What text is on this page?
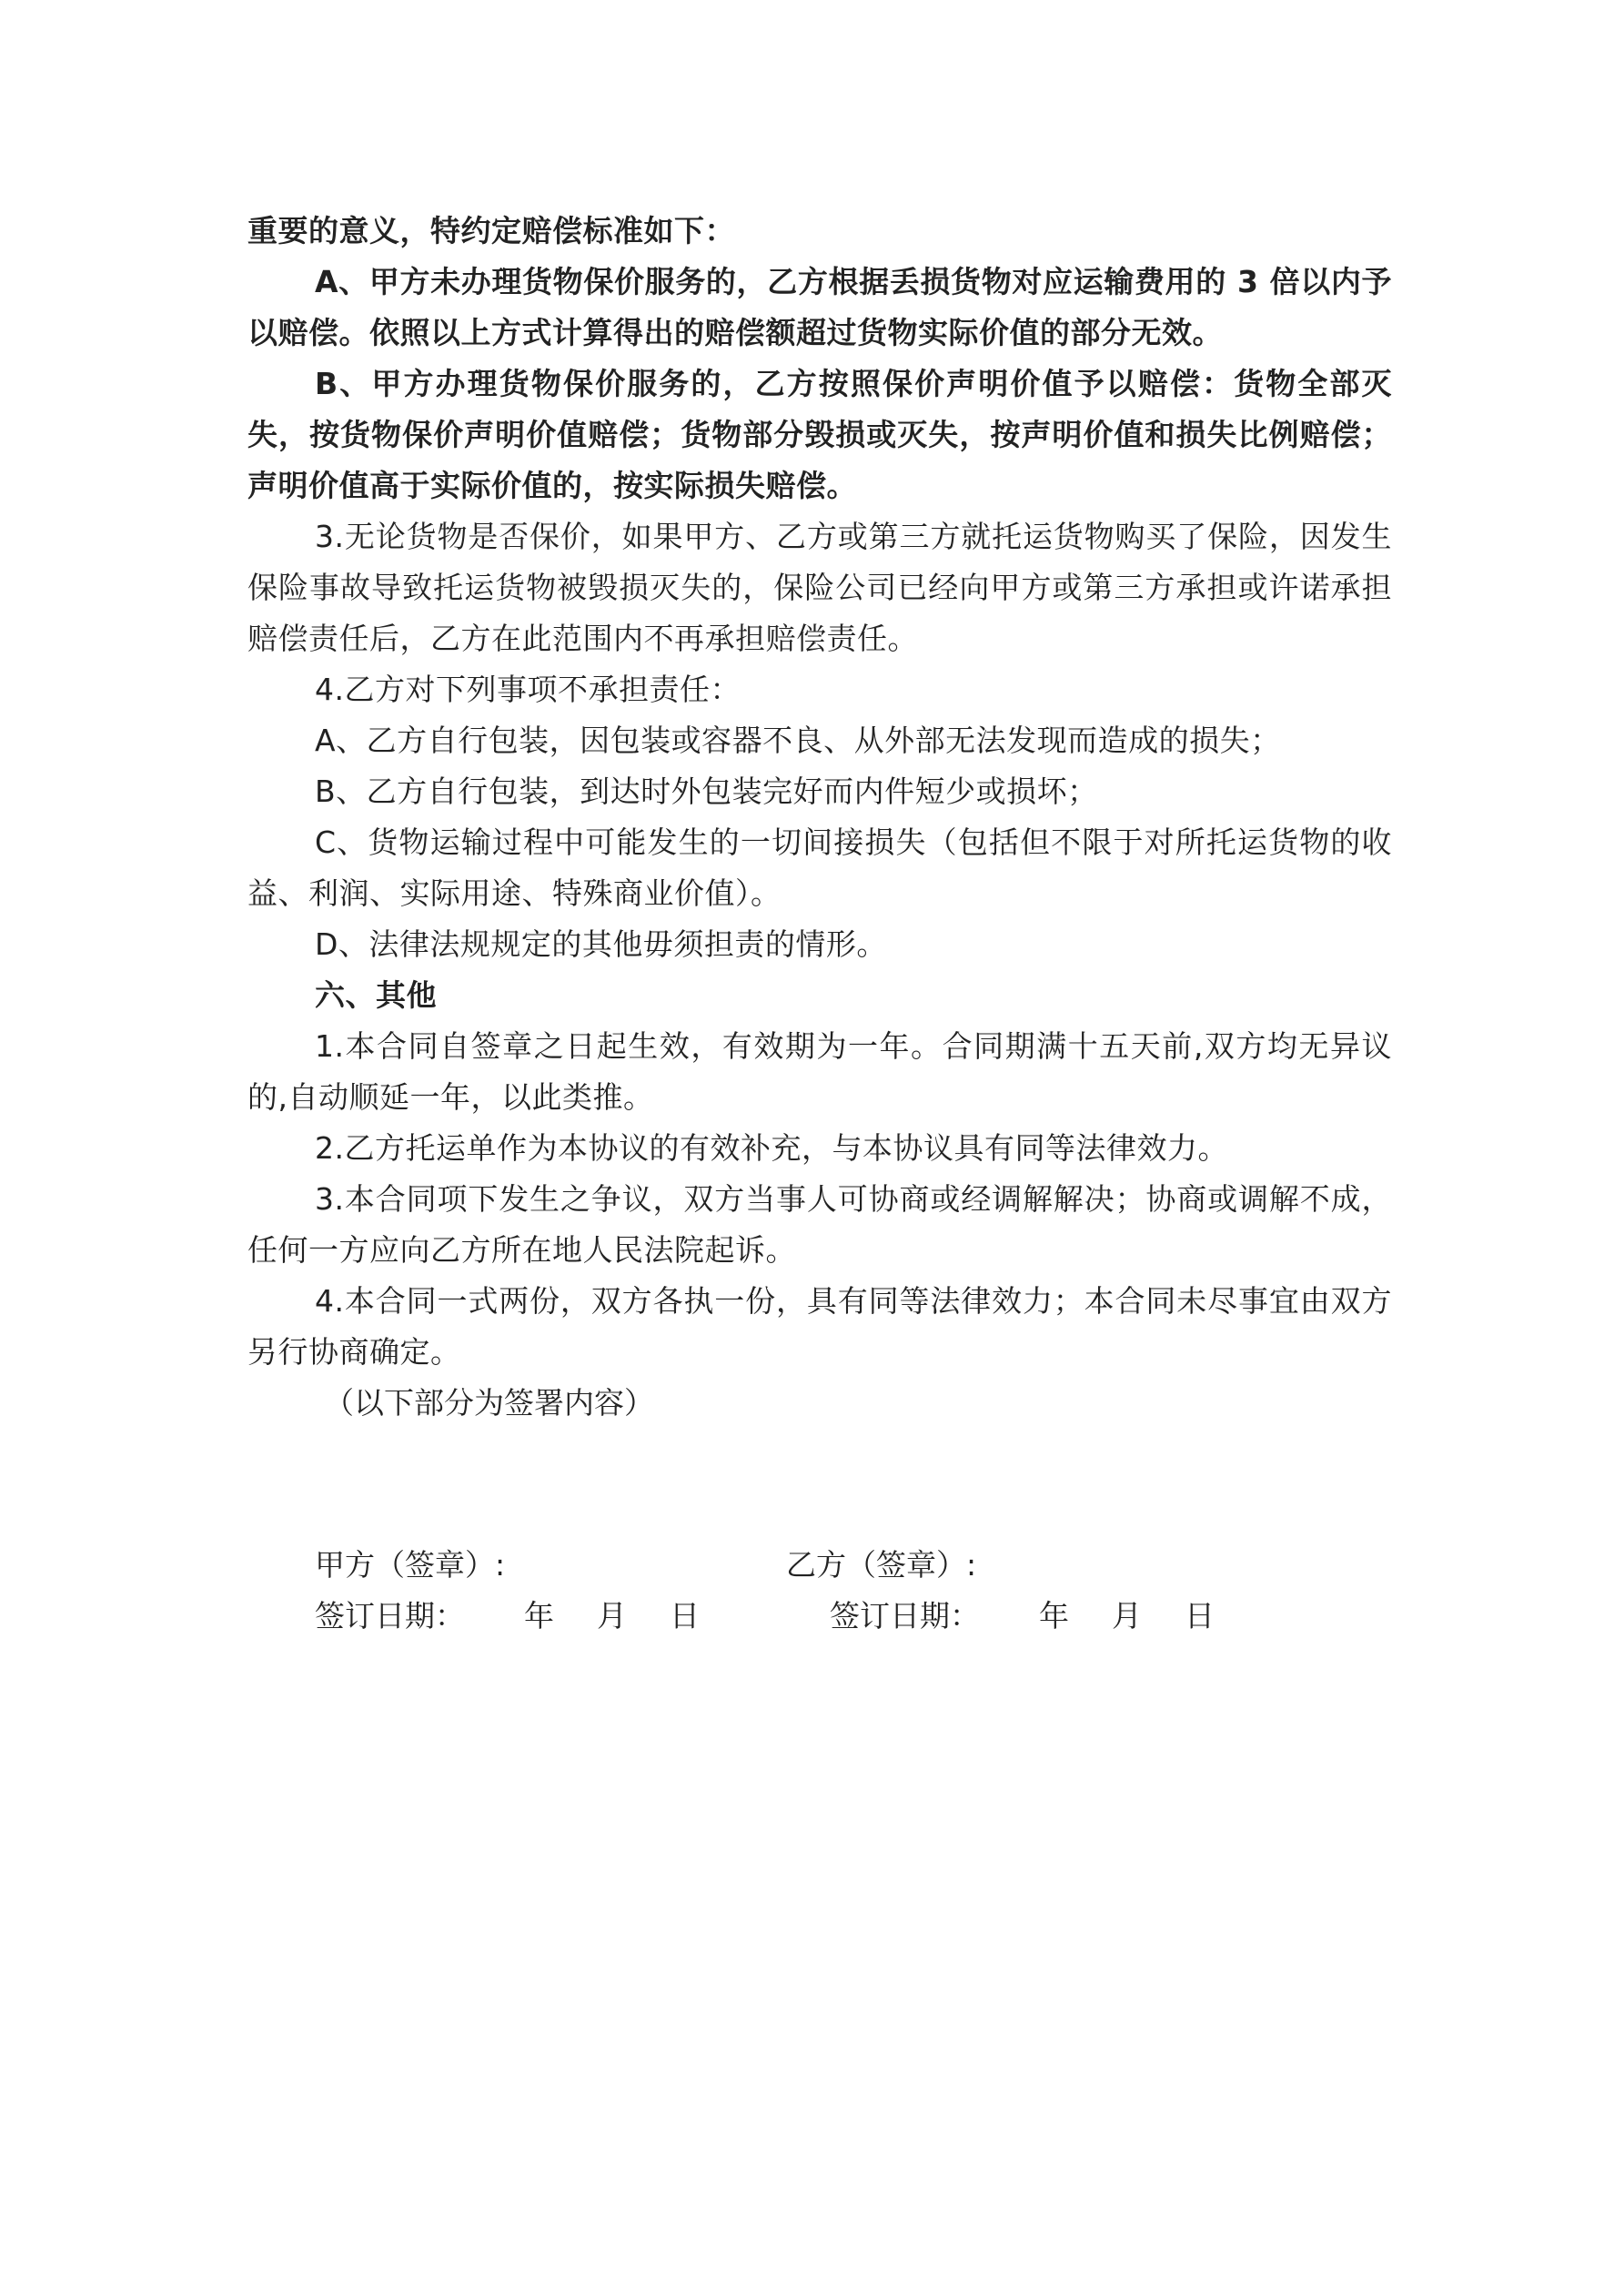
重要的意义，特约定赔偿标准如下：

A、甲方未办理货物保价服务的，乙方根据丢损货物对应运输费用的 3 倍以内予以赔偿。依照以上方式计算得出的赔偿额超过货物实际价值的部分无效。

B、甲方办理货物保价服务的，乙方按照保价声明价值予以赔偿：货物全部灭失，按货物保价声明价值赔偿；货物部分毁损或灭失，按声明价值和损失比例赔偿；声明价值高于实际价值的，按实际损失赔偿。

3.无论货物是否保价，如果甲方、乙方或第三方就托运货物购买了保险，因发生保险事故导致托运货物被毁损灭失的，保险公司已经向甲方或第三方承担或许诺承担赔偿责任后，乙方在此范围内不再承担赔偿责任。

4.乙方对下列事项不承担责任：

A、乙方自行包装，因包装或容器不良、从外部无法发现而造成的损失；

B、乙方自行包装，到达时外包装完好而内件短少或损坏；

C、货物运输过程中可能发生的一切间接损失（包括但不限于对所托运货物的收益、利润、实际用途、特殊商业价值）。

D、法律法规规定的其他毋须担责的情形。

六、其他

1.本合同自签章之日起生效，有效期为一年。合同期满十五天前,双方均无异议的,自动顺延一年，以此类推。

2.乙方托运单作为本协议的有效补充，与本协议具有同等法律效力。

3.本合同项下发生之争议，双方当事人可协商或经调解解决；协商或调解不成，任何一方应向乙方所在地人民法院起诉。

4.本合同一式两份，双方各执一份，具有同等法律效力；本合同未尽事宜由双方另行协商确定。

（以下部分为签署内容）

甲方（签章）:	乙方（签章）:
签订日期： 年 月 日	签订日期： 年 月 日
